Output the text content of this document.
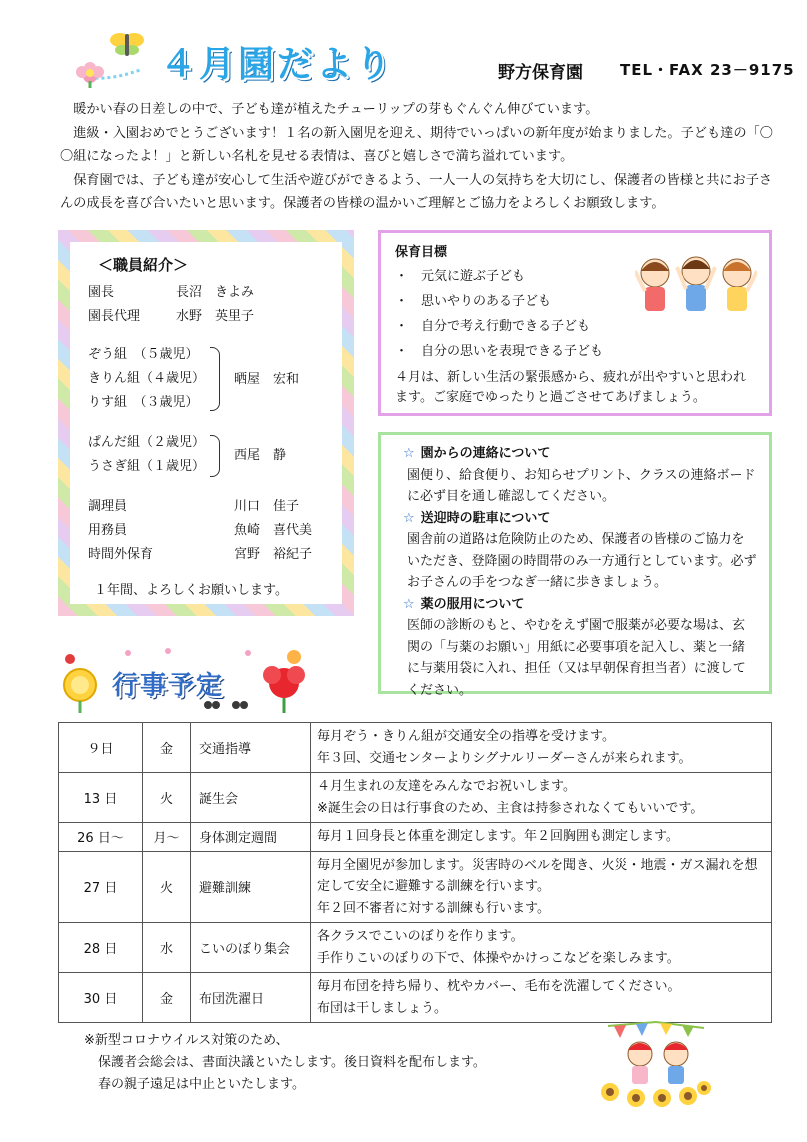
４月園だより	野方保育園 TEL・FAX 23－9175

暖かい春の日差しの中で、子ども達が植えたチューリップの芽もぐんぐん伸びています。

進級・入園おめでとうございます！１名の新入園児を迎え、期待でいっぱいの新年度が始まりました。子ども達の「〇〇組になったよ！」と新しい名札を見せる表情は、喜びと嬉しさで満ち溢れています。

保育園では、子ども達が安心して生活や遊びができるよう、一人一人の気持ちを大切にし、保護者の皆様と共にお子さんの成長を喜び合いたいと思います。保護者の皆様の温かいご理解とご協力をよろしくお願致します。

＜職員紹介＞
園長	長沼　きよみ
園長代理	水野　英里子
ぞう組　（５歳児）
きりん組（４歳児）
りす組　（３歳児）
晒屋　宏和
ぱんだ組（２歳児）
うさぎ組（１歳児）
西尾　静
調理員	川口　佳子
用務員	魚崎　喜代美
時間外保育	宮野　裕紀子
１年間、よろしくお願いします。
保育目標
・ 元気に遊ぶ子ども
・ 思いやりのある子ども
・ 自分で考え行動できる子ども
・ 自分の思いを表現できる子ども
４月は、新しい生活の緊張感から、疲れが出やすいと思われます。ご家庭でゆったりと過ごさせてあげましょう。
☆ 園からの連絡について
園便り、給食便り、お知らせプリント、クラスの連絡ボードに必ず目を通し確認してください。
☆ 送迎時の駐車について
園舎前の道路は危険防止のため、保護者の皆様のご協力をいただき、登降園の時間帯のみ一方通行としています。必ずお子さんの手をつなぎ一緒に歩きましょう。
☆ 薬の服用について
医師の診断のもと、やむをえず園で服薬が必要な場は、玄関の「与薬のお願い」用紙に必要事項を記入し、薬と一緒に与薬用袋に入れ、担任（又は早朝保育担当者）に渡してください。
行事予定
９日	金	交通指導	毎月ぞう・きりん組が交通安全の指導を受けます。
年３回、交通センターよりシグナルリーダーさんが来られます。

13 日	火	誕生会	４月生まれの友達をみんなでお祝いします。
※誕生会の日は行事食のため、主食は持参されなくてもいいです。

26 日～	月～	身体測定週間	毎月１回身長と体重を測定します。年２回胸囲も測定します。

27 日	火	避難訓練	毎月全園児が参加します。災害時のベルを聞き、火災・地震・ガス漏れを想定して安全に避難する訓練を行います。
年２回不審者に対する訓練も行います。

28 日	水	こいのぼり集会	各クラスでこいのぼりを作ります。
手作りこいのぼりの下で、体操やかけっこなどを楽しみます。

30 日	金	布団洗濯日	毎月布団を持ち帰り、枕やカバー、毛布を洗濯してください。
布団は干しましょう。
※新型コロナウイルス対策のため、
保護者会総会は、書面決議といたします。後日資料を配布します。
春の親子遠足は中止といたします。
